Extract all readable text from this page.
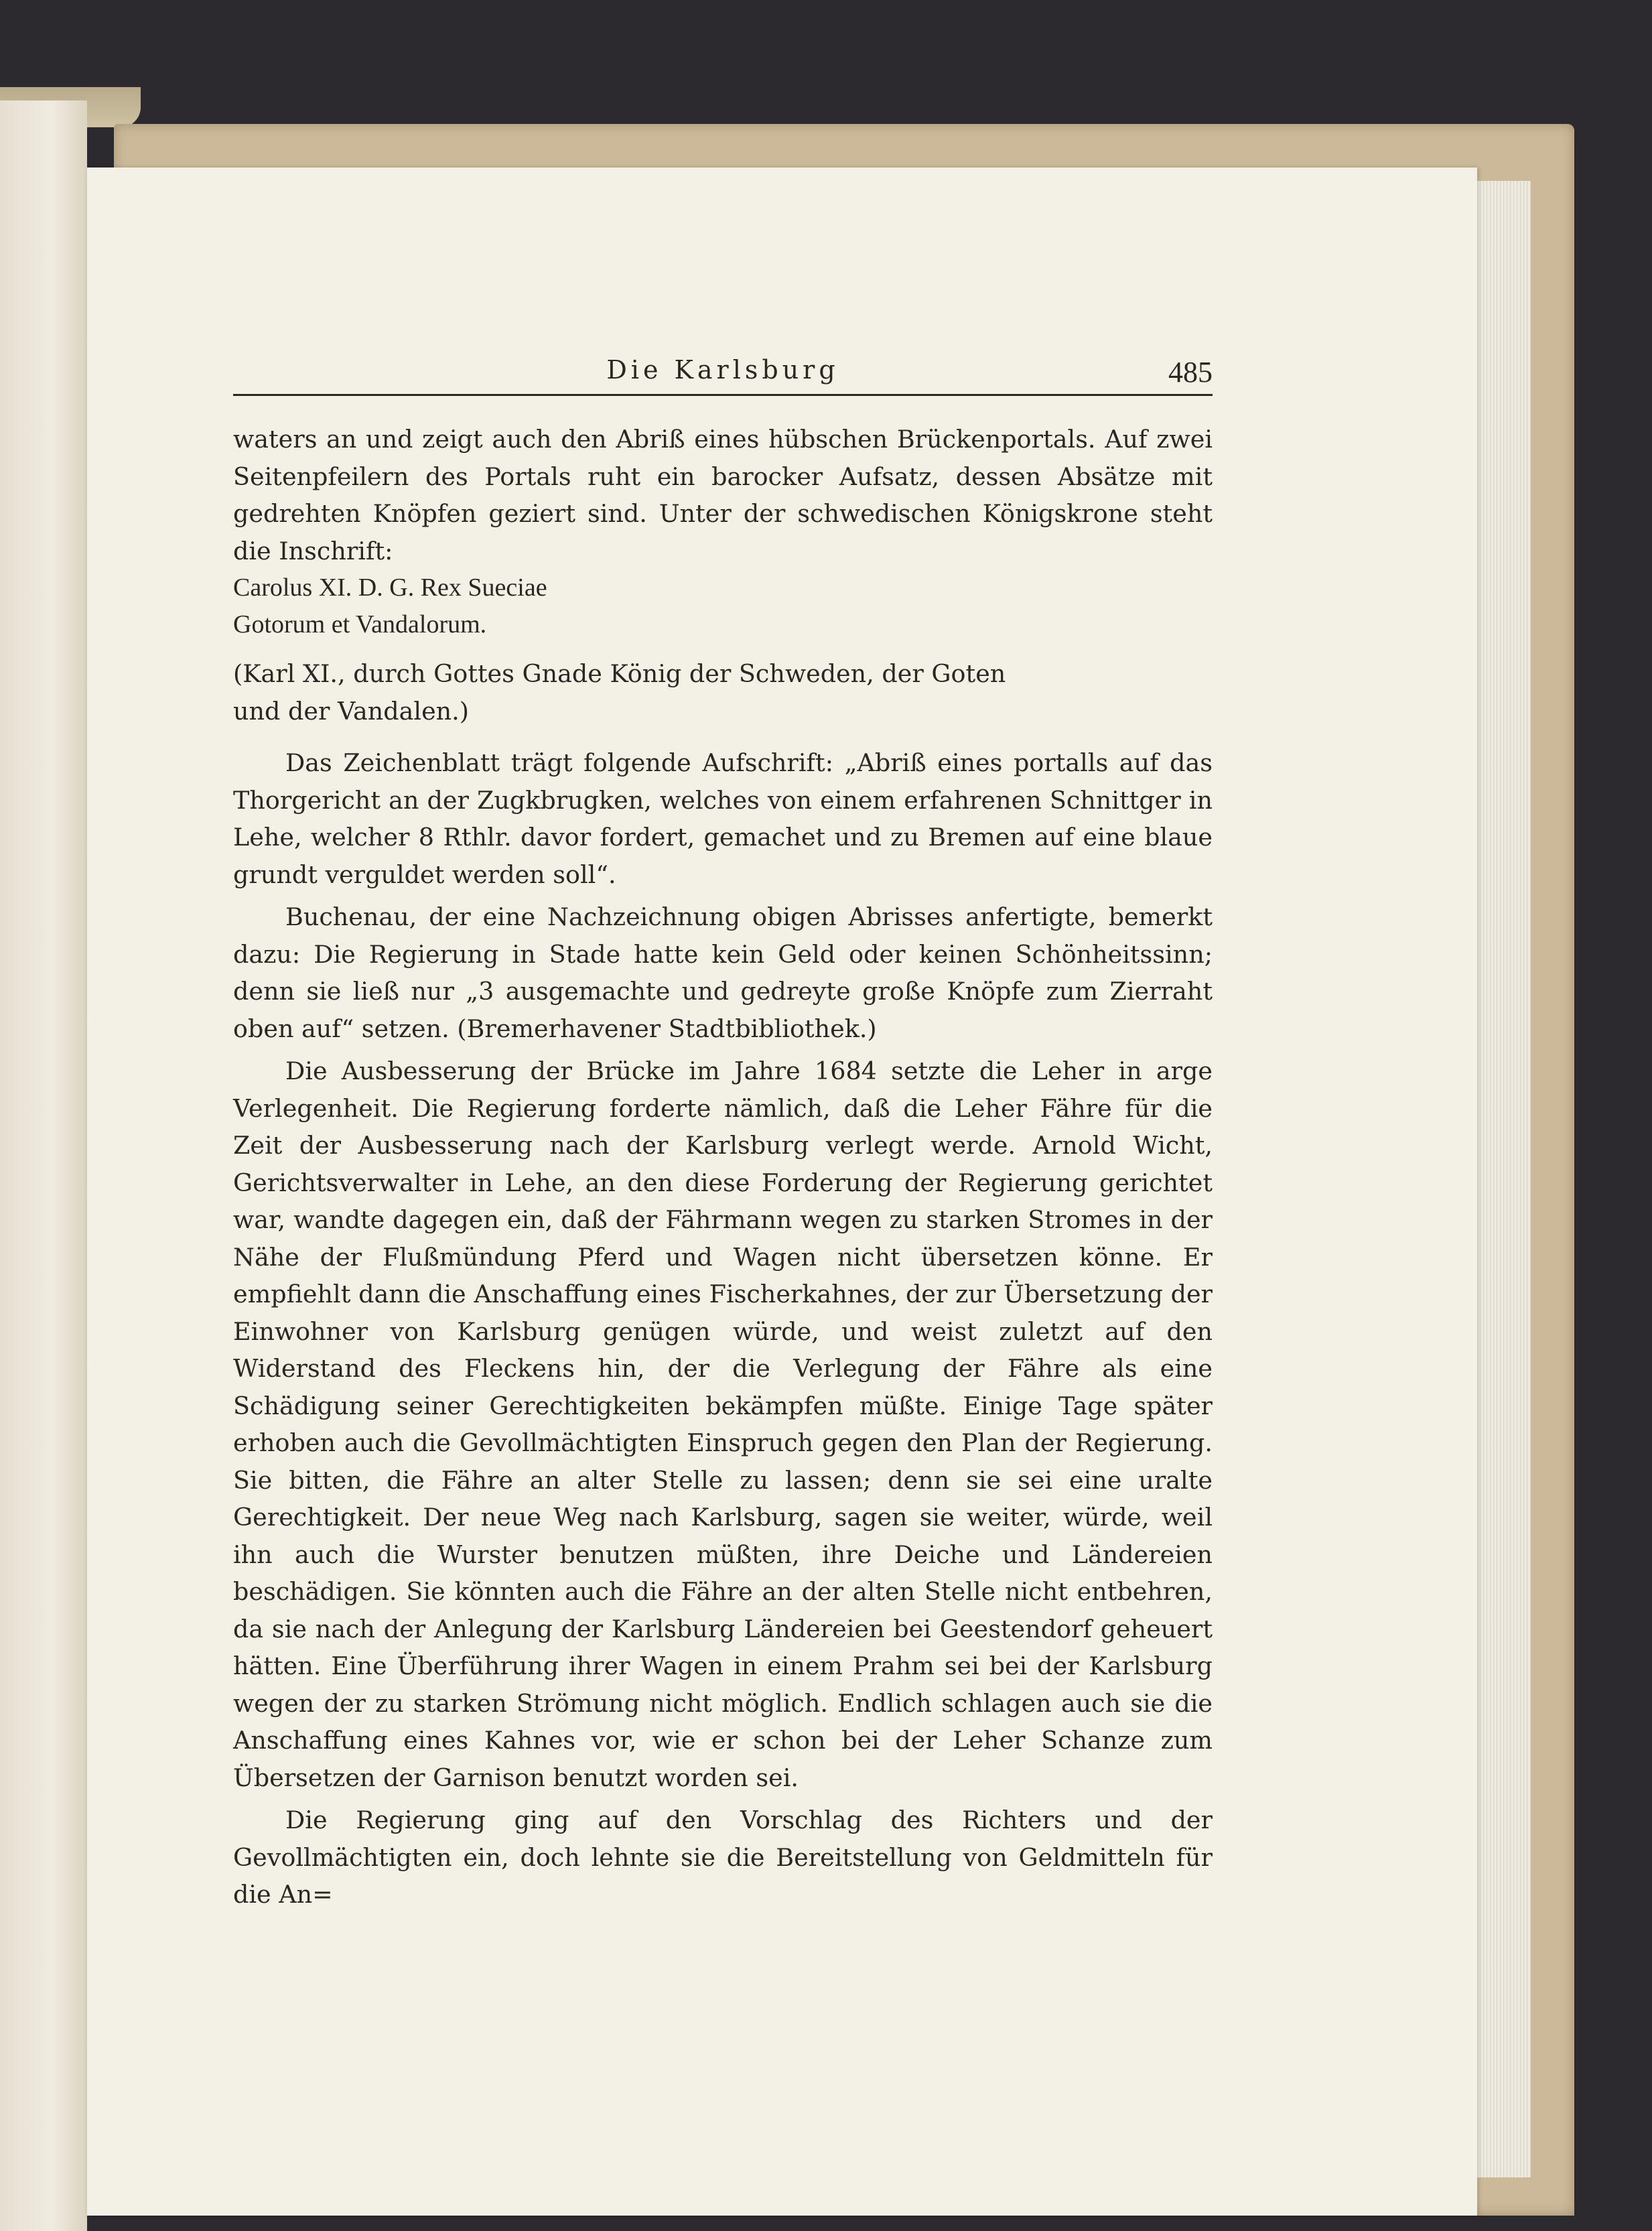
Die Karlsburg	485

waters an und zeigt auch den Abriß eines hübschen Brückenportals. Auf zwei Seitenpfeilern des Portals ruht ein barocker Aufsatz, dessen Absätze mit gedrehten Knöpfen geziert sind. Unter der schwedischen Königskrone steht die Inschrift:

Carolus XI. D. G. Rex Sueciae

Gotorum et Vandalorum.

(Karl XI., durch Gottes Gnade König der Schweden, der Goten

und der Vandalen.)

Das Zeichenblatt trägt folgende Aufschrift: „Abriß eines portalls auf das Thorgericht an der Zugkbrugken, welches von einem erfahrenen Schnittger in Lehe, welcher 8 Rthlr. davor fordert, gemachet und zu Bremen auf eine blaue grundt verguldet werden soll“.

Buchenau, der eine Nachzeichnung obigen Abrisses anfertigte, bemerkt dazu: Die Regierung in Stade hatte kein Geld oder keinen Schönheitssinn; denn sie ließ nur „3 ausgemachte und gedreyte große Knöpfe zum Zierraht oben auf“ setzen. (Bremerhavener Stadtbibliothek.)

Die Ausbesserung der Brücke im Jahre 1684 setzte die Leher in arge Verlegenheit. Die Regierung forderte nämlich, daß die Leher Fähre für die Zeit der Ausbesserung nach der Karlsburg verlegt werde. Arnold Wicht, Gerichtsverwalter in Lehe, an den diese Forderung der Regierung gerichtet war, wandte dagegen ein, daß der Fährmann wegen zu starken Stromes in der Nähe der Flußmündung Pferd und Wagen nicht übersetzen könne. Er empfiehlt dann die Anschaffung eines Fischerkahnes, der zur Übersetzung der Einwohner von Karlsburg genügen würde, und weist zuletzt auf den Widerstand des Fleckens hin, der die Verlegung der Fähre als eine Schädigung seiner Gerechtigkeiten bekämpfen müßte. Einige Tage später erhoben auch die Gevollmächtigten Einspruch gegen den Plan der Regierung. Sie bitten, die Fähre an alter Stelle zu lassen; denn sie sei eine uralte Gerechtigkeit. Der neue Weg nach Karlsburg, sagen sie weiter, würde, weil ihn auch die Wurster benutzen müßten, ihre Deiche und Ländereien beschädigen. Sie könnten auch die Fähre an der alten Stelle nicht entbehren, da sie nach der Anlegung der Karlsburg Ländereien bei Geestendorf geheuert hätten. Eine Überführung ihrer Wagen in einem Prahm sei bei der Karlsburg wegen der zu starken Strömung nicht möglich. Endlich schlagen auch sie die Anschaffung eines Kahnes vor, wie er schon bei der Leher Schanze zum Übersetzen der Garnison benutzt worden sei.

Die Regierung ging auf den Vorschlag des Richters und der Gevollmächtigten ein, doch lehnte sie die Bereitstellung von Geldmitteln für die An=
